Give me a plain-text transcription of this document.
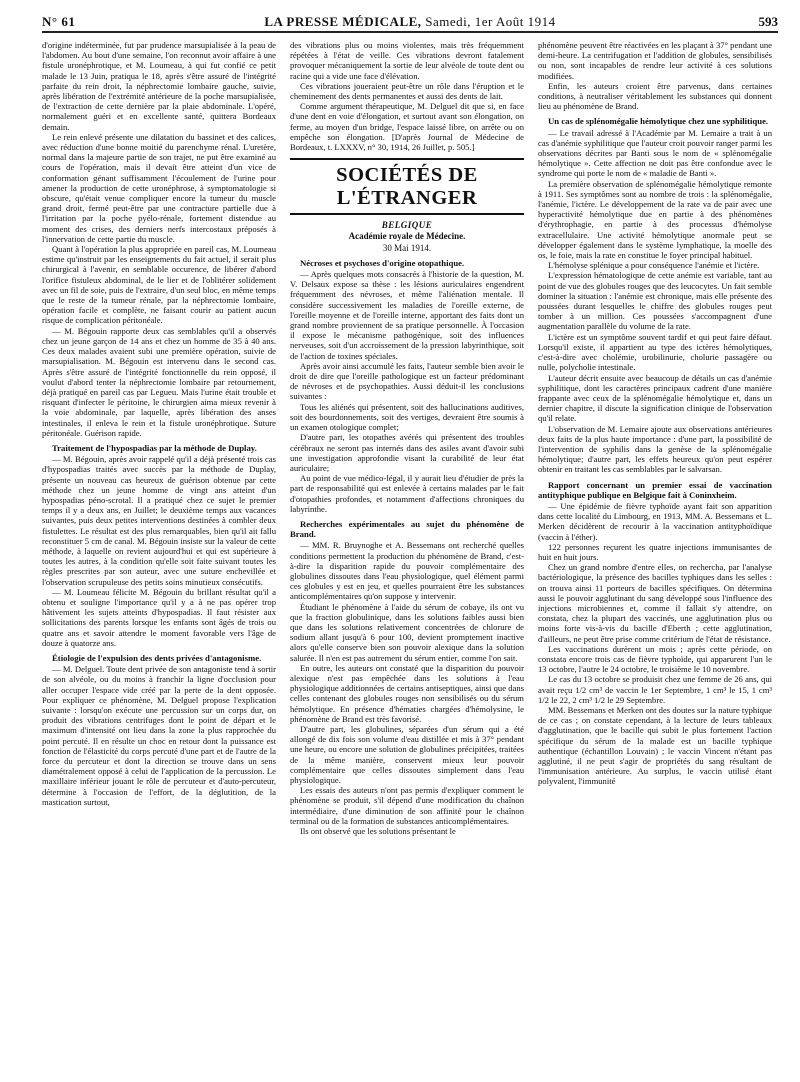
N° 61	LA PRESSE MÉDICALE, Samedi, 1er Août 1914	593

d'origine indéterminée, fut par prudence marsupialisée à la peau de l'abdomen. Au bout d'une semaine, l'on reconnut avoir affaire à une fistule uronéphrotique, et M. Loumeau, à qui fut confié ce petit malade le 13 Juin, pratiqua le 18, après s'être assuré de l'intégrité parfaite du rein droit, la néphrectomie lombaire gauche, suivie, après libération de l'extrémité antérieure de la poche marsupialisée, de l'extraction de cette dernière par la plaie abdominale. L'opéré, normalement guéri et en excellente santé, quittera Bordeaux demain.

Le rein enlevé présente une dilatation du bassinet et des calices, avec réduction d'une bonne moitié du parenchyme rénal. L'uretère, normal dans la majeure partie de son trajet, ne put être examiné au cours de l'opération, mais il devait être atteint d'un vice de conformation génant suffisamment l'écoulement de l'urine pour amener la production de cette uronéphrose, à symptomatologie si obscure, qu'était venue compliquer encore la tumeur du muscle grand droit, fermé peut-être par une contracture partielle due à l'irritation par la poche pyélo-rénale, fortement distendue au moment des crises, des derniers nerfs intercostaux préposés à l'innervation de cette partie du muscle.

Quant à l'opération la plus appropriée en pareil cas, M. Loumeau estime qu'instruit par les enseignements du fait actuel, il serait plus chirurgical à l'avenir, en semblable occurence, de libérer d'abord l'orifice fistuleux abdominal, de le lier et de l'oblitérer solidement avec un fil de soie, puis de l'extraire, d'un seul bloc, en même temps que le reste de la tumeur rénale, par la néphrectomie lombaire, opération facile et complète, ne faisant courir au patient aucun risque de complication péritonéale.

— M. Bégouin rapporte deux cas semblables qu'il a observés chez un jeune garçon de 14 ans et chez un homme de 35 à 40 ans. Ces deux malades avaient subi une première opération, suivie de marsupialisation. M. Bégouin est intervenu dans le second cas. Après s'être assuré de l'intégrité fonctionnelle du rein opposé, il voulut d'abord tenter la néphrectomie lombaire par retournement, déjà pratiqué en pareil cas par Legueu. Mais l'urine était trouble et risquant d'infecter le péritoine, le chirurgien aima mieux revenir à la voie abdominale, par laquelle, après libération des anses intestinales, il enleva le rein et la fistule uronéphrotique. Suture péritonéale. Guérison rapide.

Traitement de l'hypospadias par la méthode de Duplay.

— M. Bégouin, après avoir rappelé qu'il a déjà présenté trois cas d'hypospadias traités avec succès par la méthode de Duplay, présente un nouveau cas heureux de guérison obtenue par cette méthode chez un jeune homme de vingt ans atteint d'un hypospadias péno-scrotal. Il a pratiqué chez ce sujet le premier temps il y a deux ans, en Juillet; le deuxième temps aux vacances suivantes, puis deux petites interventions destinées à combler deux fistulettes. Le résultat est des plus remarquables, bien qu'il ait fallu reconstituer 5 cm de canal. M. Bégouin insiste sur la valeur de cette méthode, à laquelle on revient aujourd'hui et qui est supérieure à toutes les autres, à la condition qu'elle soit faite suivant toutes les règles prescrites par son auteur, avec une suture enchevillée et l'observation scrupuleuse des petits soins minutieux consécutifs.

— M. Loumeau félicite M. Bégouin du brillant résultat qu'il a obtenu et souligne l'importance qu'il y a à ne pas opérer trop hâtivement les sujets atteints d'hypospadias. Il faut résister aux sollicitations des parents lorsque les enfants sont âgés de trois ou quatre ans et savoir attendre le moment favorable vers l'âge de douze à quatorze ans.

Étiologie de l'expulsion des dents privées d'antagonisme.

— M. Delguel. Toute dent privée de son antagoniste tend à sortir de son alvéole, ou du moins à franchir la ligne d'occlusion pour aller occuper l'espace vide créé par la perte de la dent opposée. Pour expliquer ce phénomène, M. Delguel propose l'explication suivante : lorsqu'on exécute une percussion sur un corps dur, on produit des vibrations centrifuges dont le point de départ et le maximum d'intensité ont lieu dans la zone la plus rapprochée du point percuté. Il en résulte un choc en retour dont la puissance est fonction de l'élasticité du corps percuté d'une part et de l'autre de la force du percuteur et dont la direction se trouve dans un sens diamétralement opposé à celui de l'application de la percussion. Le maxillaire inférieur jouant le rôle de percuteur et d'auto-percuteur, détermine à l'occasion de l'effort, de la déglutition, de la mastication surtout,

des vibrations plus ou moins violentes, mais très fréquemment répétées à l'état de veille. Ces vibrations devront fatalement provoquer mécaniquement la sortie de leur alvéole de toute dent ou racine qui a vide une face d'élévation.

Ces vibrations joueraient peut-être un rôle dans l'éruption et le cheminement des dents permanentes et aussi des dents de lait.

Comme argument thérapeutique, M. Delguel dit que si, en face d'une dent en voie d'élongation, et surtout avant son élongation, on ferme, au moyen d'un bridge, l'espace laissé libre, on arrête ou on empêche son élongation. [D'après Journal de Médecine de Bordeaux, t. LXXXV, n° 30, 1914, 26 Juillet, p. 505.]

SOCIÉTÉS DE L'ÉTRANGER
BELGIQUE
Académie royale de Médecine.
30 Mai 1914.
Nécroses et psychoses d'origine otopathique.

— Après quelques mots consacrés à l'historie de la question, M. V. Delsaux expose sa thèse : les lésions auriculaires engendrent fréquemment des névroses, et même l'aliénation mentale. Il considère successivement les maladies de l'oreille externe, de l'oreille moyenne et de l'oreille interne, apportant des faits dont un grand nombre proviennent de sa pratique personnelle. À l'occasion il expose le mécanisme pathogénique, soit des influences nerveuses, soit d'un accroissement de la pression labyrinthique, soit de l'action de toxines spéciales.

Après avoir ainsi accumulé les faits, l'auteur semble bien avoir le droit de dire que l'oreille pathologique est un facteur prédominant de névroses et de psychopathies. Aussi déduit-il les conclusions suivantes :

Tous les aliénés qui présentent, soit des hallucinations auditives, soit des bourdonnements, soit des vertiges, devraient être soumis à un examen otologique complet;

D'autre part, les otopathes avérés qui présentent des troubles cérébraux ne seront pas internés dans des asiles avant d'avoir subi une investigation approfondie visant la curabilité de leur état auriculaire;

Au point de vue médico-légal, il y aurait lieu d'étudier de près la part de responsabilité qui est enlevée à certains malades par le fait d'otopathies profondes, et notamment d'affections chroniques du labyrinthe.

Recherches expérimentales au sujet du phénomène de Brand.

— MM. R. Bruynoghe et A. Bessemans ont recherché quelles conditions permettent la production du phénomène de Brand, c'est-à-dire la disparition rapide du pouvoir complémentaire des globulines dissoutes dans l'eau physiologique, quel élément parmi ces globules y est en jeu, et quelles pourraient être les substances anticomplémentaires qu'on suppose y intervenir.

Étudiant le phénomène à l'aide du sérum de cobaye, ils ont vu que la fraction globulinique, dans les solutions faibles aussi bien que dans les solutions relativement concentrées de chlorure de sodium allant jusqu'à 6 pour 100, devient promptement inactive alors qu'elle conserve bien son pouvoir alexique dans la solution salurée. Il n'en est pas autrement du sérum entier, comme l'on sait.

En outre, les auteurs ont constaté que la disparition du pouvoir alexique n'est pas empêchée dans les solutions à l'eau physiologique additionnées de certains antiseptiques, ainsi que dans celles contenant des globules rouges non sensibilisés ou du sérum hémolytique. En présence d'hématies chargées d'hémolysine, le phénomène de Brand est très favorisé.

D'autre part, les globulines, séparées d'un sérum qui a été allongé de dix fois son volume d'eau distillée et mis à 37° pendant une heure, ou encore une solution de globulines précipitées, traitées de la même manière, conservent mieux leur pouvoir complémentaire que celles dissoutes simplement dans l'eau physiologique.

Les essais des auteurs n'ont pas permis d'expliquer comment le phénomène se produit, s'il dépend d'une modification du chaînon intermédiaire, d'une diminution de son affinité pour le chaînon terminal ou de la formation de substances anticomplémentaires.

Ils ont observé que les solutions présentant le

phénomène peuvent être réactivées en les plaçant à 37° pendant une demi-heure. La centrifugation et l'addition de globules, sensibilisés ou non, sont incapables de rendre leur activité à ces solutions modifiées.

Enfin, les auteurs croient être parvenus, dans certaines conditions, à neutraliser véritablement les substances qui donnent lieu au phénomène de Brand.

Un cas de splénomégalie hémolytique chez une syphilitique.

— Le travail adressé à l'Académie par M. Lemaire a trait à un cas d'anémie syphilitique que l'auteur croit pouvoir ranger parmi les observations décrites par Banti sous le nom de « splénomégalie hémolytique ». Cette affection ne doit pas être confondue avec le syndrome qui porte le nom de « maladie de Banti ».

La première observation de splénomégalie hémolytique remonte à 1911. Ses symptômes sont au nombre de trois : la splénomégalie, l'anémie, l'ictère. Le développement de la rate va de pair avec une hyperactivité hémolytique due en partie à des phénomènes d'érythrophagie, en partie à des processus d'hémolyse extracellulaire. Une activité hémolytique anormale peut se développer également dans le système lymphatique, la moelle des os, le foie, mais la rate en constitue le foyer principal habituel.

L'hémolyse splénique a pour conséquence l'anémie et l'ictère.

L'expression hématologique de cette anémie est variable, tant au point de vue des globules rouges que des leucocytes. Un fait semble dominer la situation : l'anémie est chronique, mais elle présente des poussées durant lesquelles le chiffre des globules rouges peut tomber à un million. Ces poussées s'accompagnent d'une augmentation parallèle du volume de la rate.

L'ictère est un symptôme souvent tardif et qui peut faire défaut. Lorsqu'il existe, il appartient au type des ictères hémolytiques, c'est-à-dire avec cholémie, urobilinurie, cholurie passagère ou nulle, polycholie intestinale.

L'auteur décrit ensuite avec beaucoup de détails un cas d'anémie syphilitique, dont les caractères principaux cadrent d'une manière frappante avec ceux de la splénomégalie hémolytique et, dans un dernier chapitre, il discute la signification clinique de l'observation qu'il relate.

L'observation de M. Lemaire ajoute aux observations antérieures deux faits de la plus haute importance : d'une part, la possibilité de l'intervention de syphilis dans la genèse de la splénomégalie hémolytique; d'autre part, les effets heureux qu'on peut espérer obtenir en traitant les cas semblables par le salvarsan.

Rapport concernant un premier essai de vaccination antityphique publique en Belgique fait à Coninxheim.

— Une épidémie de fièvre typhoïde ayant fait son apparition dans cette localité du Limbourg, en 1913, MM. A. Bessemans et L. Merken décidèrent de recourir à la vaccination antityphoïdique (vaccin à l'éther).

122 personnes reçurent les quatre injections immunisantes de huit en huit jours.

Chez un grand nombre d'entre elles, on rechercha, par l'analyse bactériologique, la présence des bacilles typhiques dans les selles : on trouva ainsi 11 porteurs de bacilles spécifiques. On détermina aussi le pouvoir agglutinant du sang développé sous l'influence des injections microbiennes et, comme il fallait s'y attendre, on constata, chez la plupart des vaccinés, une agglutination plus ou moins forte vis-à-vis du bacille d'Eberth ; cette agglutination, d'ailleurs, ne peut être prise comme critérium de l'état de résistance.

Les vaccinations durèrent un mois ; après cette période, on constata encore trois cas de fièvre typhoïde, qui apparurent l'un le 13 octobre, l'autre le 24 octobre, le troisième le 10 novembre.

Le cas du 13 octobre se produisit chez une femme de 26 ans, qui avait reçu 1/2 cm³ de vaccin le 1er Septembre, 1 cm³ le 15, 1 cm³ 1/2 le 22, 2 cm³ 1/2 le 29 Septembre.

MM. Bessemans et Merken ont des doutes sur la nature typhique de ce cas ; on constate cependant, à la lecture de leurs tableaux d'agglutination, que le bacille qui subit le plus fortement l'action spécifique du sérum de la malade est un bacille typhique authentique (échantillon Louvain) ; le vaccin Vincent n'étant pas agglutiné, il ne peut s'agir de propriétés du sang résultant de l'immunisation antérieure. Au surplus, le vaccin utilisé étant polyvalent, l'immunité
